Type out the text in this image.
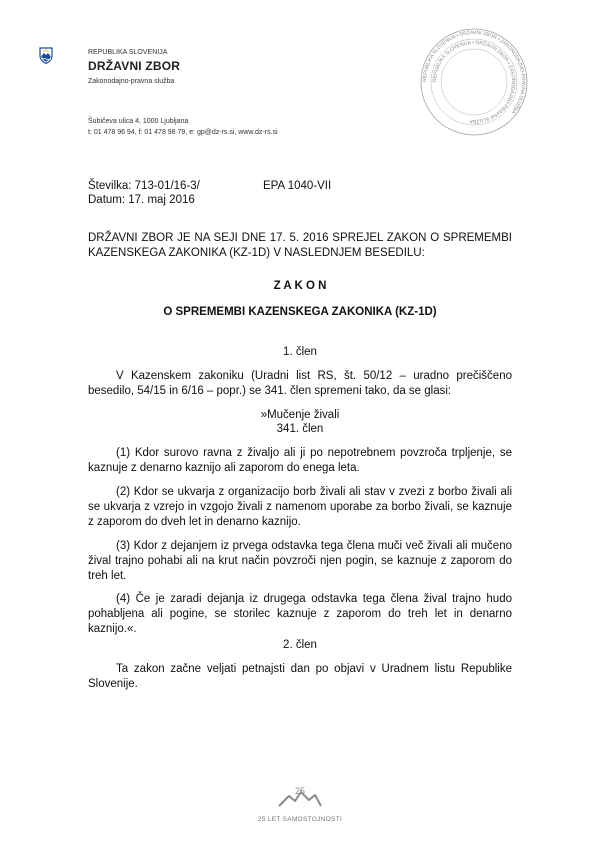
REPUBLIKA SLOVENIJA
DRŽAVNI ZBOR
Zakonodajno-pravna služba
Šubičeva ulica 4, 1000 Ljubljana
t: 01 478 96 94, f: 01 478 98 79, e: gp@dz-rs.si, www.dz-rs.si
REPUBLIKA SLOVENIJA • DRŽAVNI ZBOR • ZAKONODAJNO-PRAVNA SLUŽBA
REPUBLIKA SLOVENIJA • DRŽAVNI ZBOR • ZAKONODAJNO-PRAVNA SLUŽBA
Številka: 713-01/16-3/	EPA 1040-VII
Datum: 17. maj 2016
DRŽAVNI ZBOR JE NA SEJI DNE 17. 5. 2016 SPREJEL ZAKON O SPREMEMBI KAZENSKEGA ZAKONIKA (KZ-1D) V NASLEDNJEM BESEDILU:
Z A K O N
O SPREMEMBI KAZENSKEGA ZAKONIKA (KZ-1D)
1. člen
V Kazenskem zakoniku (Uradni list RS, št. 50/12 – uradno prečiščeno besedilo, 54/15 in 6/16 – popr.) se 341. člen spremeni tako, da se glasi:
»Mučenje živali
341. člen
(1) Kdor surovo ravna z živaljo ali ji po nepotrebnem povzroča trpljenje, se kaznuje z denarno kaznijo ali zaporom do enega leta.
(2) Kdor se ukvarja z organizacijo borb živali ali stav v zvezi z borbo živali ali se ukvarja z vzrejo in vzgojo živali z namenom uporabe za borbo živali, se kaznuje z zaporom do dveh let in denarno kaznijo.
(3) Kdor z dejanjem iz prvega odstavka tega člena muči več živali ali mučeno žival trajno pohabi ali na krut način povzroči njen pogin, se kaznuje z zaporom do treh let.
(4) Če je zaradi dejanja iz drugega odstavka tega člena žival trajno hudo pohabljena ali pogine, se storilec kaznuje z zaporom do treh let in denarno kaznijo.«.
2. člen
Ta zakon začne veljati petnajsti dan po objavi v Uradnem listu Republike Slovenije.
25
25 LET SAMOSTOJNOSTI
